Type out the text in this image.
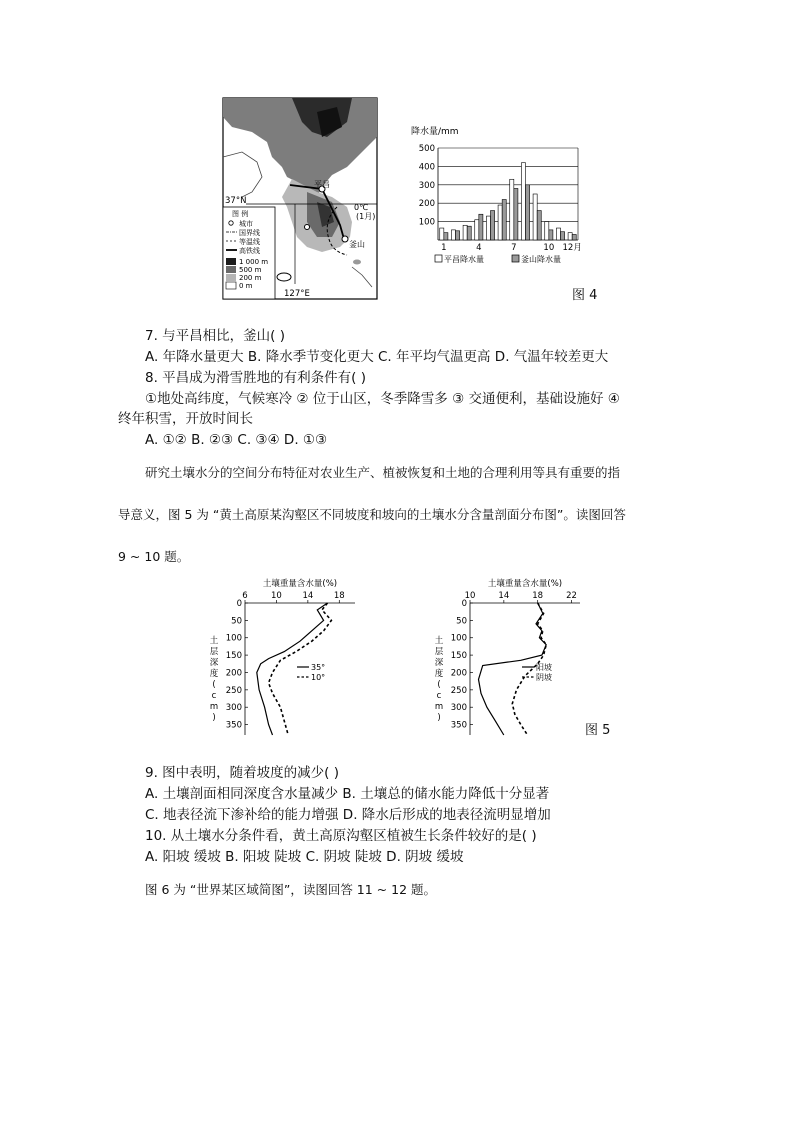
37°N
127°E
0℃
(1月)
平昌
釜山
图 例
城市
国界线
等温线
高铁线
1 000 m
500 m
200 m
0 m
降水量/mm
100
200
300
400
500
1	4	7	10 12月
平昌降水量	釜山降水量
图 4
7. 与平昌相比，釜山( )
A. 年降水量更大 B. 降水季节变化更大 C. 年平均气温更高 D. 气温年较差更大
8. 平昌成为滑雪胜地的有利条件有( )
①地处高纬度，气候寒冷 ② 位于山区，冬季降雪多 ③ 交通便利，基础设施好 ④
终年积雪，开放时间长
A. ①② B. ②③ C. ③④ D. ①③
研究土壤水分的空间分布特征对农业生产、植被恢复和土地的合理利用等具有重要的指
导意义，图 5 为 “黄土高原某沟壑区不同坡度和坡向的土壤水分含量剖面分布图”。读图回答
9 ~ 10 题。
土壤重量含水量(%)
6	10 14 18
0
50
100
150
200
250
300
350
土
层
深
度
(
c
m
)
35°
10°
土壤重量含水量(%)
10	14	18	22
0
50
100
150
200
250
300
350
土
层
深
度
(
c
m
)
阳坡
阴坡
图 5
9. 图中表明，随着坡度的减少( )
A. 土壤剖面相同深度含水量减少 B. 土壤总的储水能力降低十分显著
C. 地表径流下渗补给的能力增强 D. 降水后形成的地表径流明显增加
10. 从土壤水分条件看，黄土高原沟壑区植被生长条件较好的是( )
A. 阳坡 缓坡 B. 阳坡 陡坡 C. 阴坡 陡坡 D. 阴坡 缓坡
图 6 为 “世界某区域简图”，读图回答 11 ~ 12 题。
